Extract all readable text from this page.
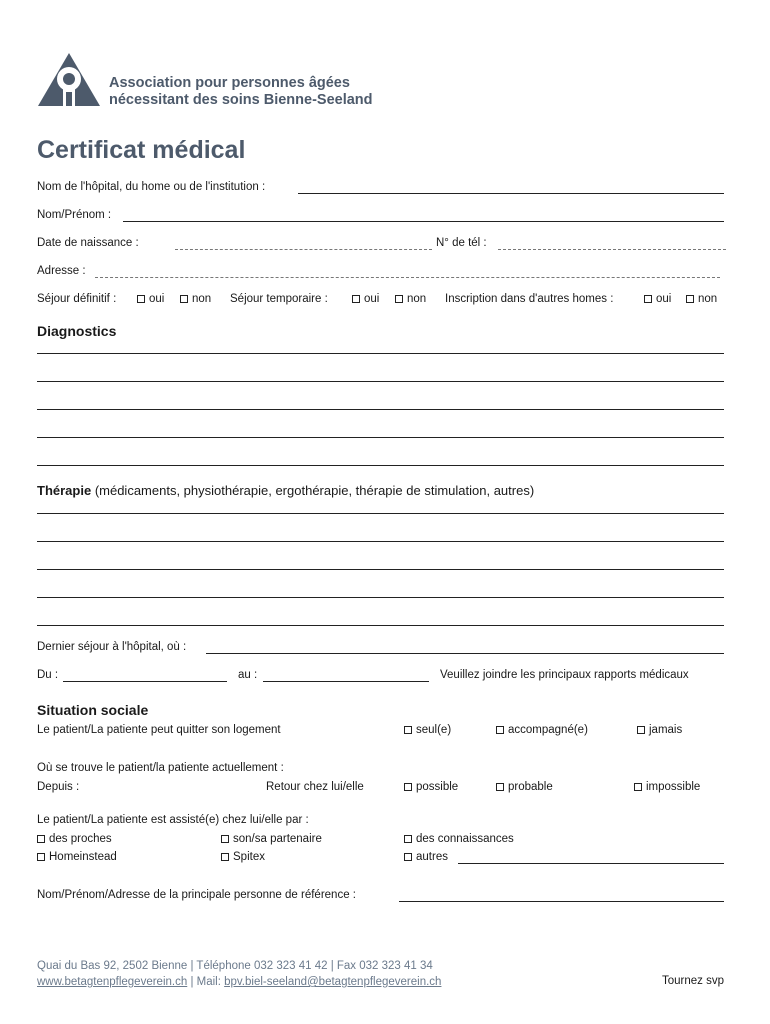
Association pour personnes âgées
nécessitant des soins Bienne-Seeland
Certificat médical
Nom de l'hôpital, du home ou de l'institution :
Nom/Prénom :
Date de naissance :	N° de tél :
Adresse :
Séjour définitif :	oui	non Séjour temporaire :	oui	non Inscription dans d'autres homes :	oui	non
Diagnostics
Thérapie (médicaments, physiothérapie, ergothérapie, thérapie de stimulation, autres)
Dernier séjour à l'hôpital, où :
Du :	au :	Veuillez joindre les principaux rapports médicaux
Situation sociale
Le patient/La patiente peut quitter son logement	seul(e)	accompagné(e)	jamais
Où se trouve le patient/la patiente actuellement :
Depuis :	Retour chez lui/elle	possible	probable	impossible
Le patient/La patiente est assisté(e) chez lui/elle par :
des proches	son/sa partenaire	des connaissances
Homeinstead	Spitex	autres
Nom/Prénom/Adresse de la principale personne de référence :
Quai du Bas 92, 2502 Bienne | Téléphone 032 323 41 42 | Fax 032 323 41 34
www.betagtenpflegeverein.ch | Mail: bpv.biel-seeland@betagtenpflegeverein.ch	Tournez svp
